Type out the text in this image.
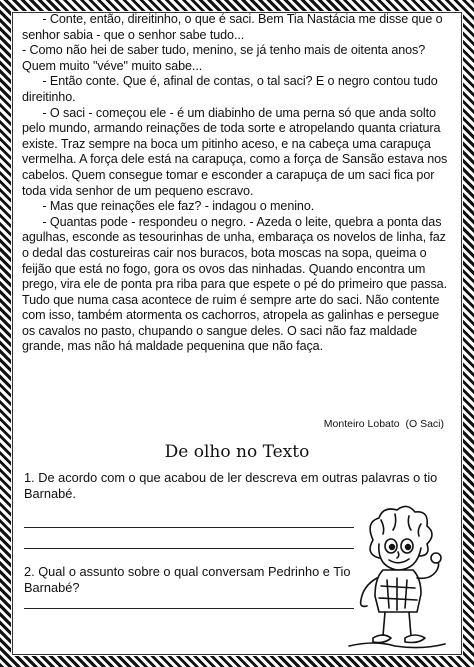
- Conte, então, direitinho, o que é saci. Bem Tia Nastácia me disse que o senhor sabia - que o senhor sabe tudo...

- Como não hei de saber tudo, menino, se já tenho mais de oitenta anos? Quem muito "véve" muito sabe...

- Então conte. Que é, afinal de contas, o tal saci? E o negro contou tudo direitinho.

- O saci - começou ele - é um diabinho de uma perna só que anda solto pelo mundo, armando reinações de toda sorte e atropelando quanta criatura existe. Traz sempre na boca um pitinho aceso, e na cabeça uma carapuça vermelha. A força dele está na carapuça, como a força de Sansão estava nos cabelos. Quem consegue tomar e esconder a carapuça de um saci fica por toda vida senhor de um pequeno escravo.

- Mas que reinações ele faz? - indagou o menino.

- Quantas pode - respondeu o negro. - Azeda o leite, quebra a ponta das agulhas, esconde as tesourinhas de unha, embaraça os novelos de linha, faz o dedal das costureiras cair nos buracos, bota moscas na sopa, queima o feijão que está no fogo, gora os ovos das ninhadas. Quando encontra um prego, vira ele de ponta pra riba para que espete o pé do primeiro que passa. Tudo que numa casa acontece de ruim é sempre arte do saci. Não contente com isso, também atormenta os cachorros, atropela as galinhas e persegue os cavalos no pasto, chupando o sangue deles. O saci não faz maldade grande, mas não há maldade pequenina que não faça.

Monteiro Lobato  (O Saci)
De olho no Texto
1. De acordo com o que acabou de ler descreva em outras palavras o tio Barnabé.
2. Qual o assunto sobre o qual conversam Pedrinho e Tio Barnabé?
